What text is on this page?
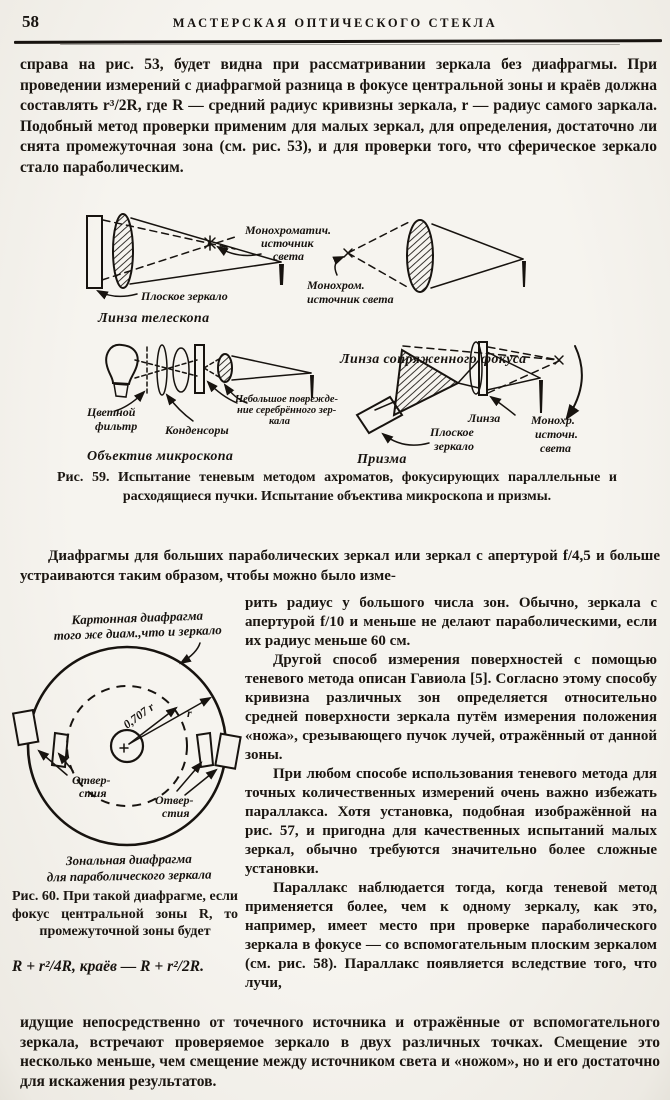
58	МАСТЕРСКАЯ ОПТИЧЕСКОГО СТЕКЛА

справа на рис. 53, будет видна при рассматривании зеркала без диафрагмы. При проведении измерений с диафрагмой разница в фокусе центральной зоны и краёв должна составлять r³/2R, где R — средний радиус кривизны зеркала, r — радиус самого заркала. Подобный метод проверки применим для малых зеркал, для определения, достаточно ли снята промежуточная зона (см. рис. 53), и для проверки того, что сферическое зеркало стало параболическим.

Монохроматич.
источник
света
Плоское зеркало
Линза телескопа
Монохром.
источник света
Линза сопряженного фокуса
Цветной
фильтр Конденсоры
Небольшое поврежде-
ние серебрённого зер-
кала
Объектив микроскопа
Линза
Плоское
зеркало
Призма
Монохр.
источн.
света
Рис. 59. Испытание теневым методом ахроматов, фокусирующих параллельные и расходящиеся пучки. Испытание объектива микроскопа и призмы.

Диафрагмы для больших параболических зеркал или зеркал с апертурой f/4,5 и больше устраиваются таким образом, чтобы можно было изме-

Картонная диафрагма
того же диам.,что и зеркало
0,707 r	r
Отвер-
стия	Отвер-
стия
Зональная диафрагма
для параболического зеркала
Рис. 60. При такой диафрагме, если фокус центральной зоны R, то промежуточной зоны будет
R + r²/4R, краёв — R + r²/2R.

рить радиус у большого числа зон. Обычно, зеркала с апертурой f/10 и меньше не делают параболическими, если их радиус меньше 60 см.

Другой способ измерения поверхностей с помощью теневого метода описан Гавиола [5]. Согласно этому способу кривизна различных зон определяется относительно средней поверхности зеркала путём измерения положения «ножа», срезывающего пучок лучей, отражённый от данной зоны.

При любом способе использования теневого метода для точных количественных измерений очень важно избежать параллакса. Хотя установка, подобная изображённой на рис. 57, и пригодна для качественных испытаний малых зеркал, обычно требуются значительно более сложные установки.

Параллакс наблюдается тогда, когда теневой метод применяется более, чем к одному зеркалу, как это, например, имеет место при проверке параболического зеркала в фокусе — со вспомогательным плоским зеркалом (см. рис. 58). Параллакс появляется вследствие того, что лучи,

идущие непосредственно от точечного источника и отражённые от вспомогательного зеркала, встречают проверяемое зеркало в двух различных точках. Смещение это несколько меньше, чем смещение между источником света и «ножом», но и его достаточно для искажения результатов.
